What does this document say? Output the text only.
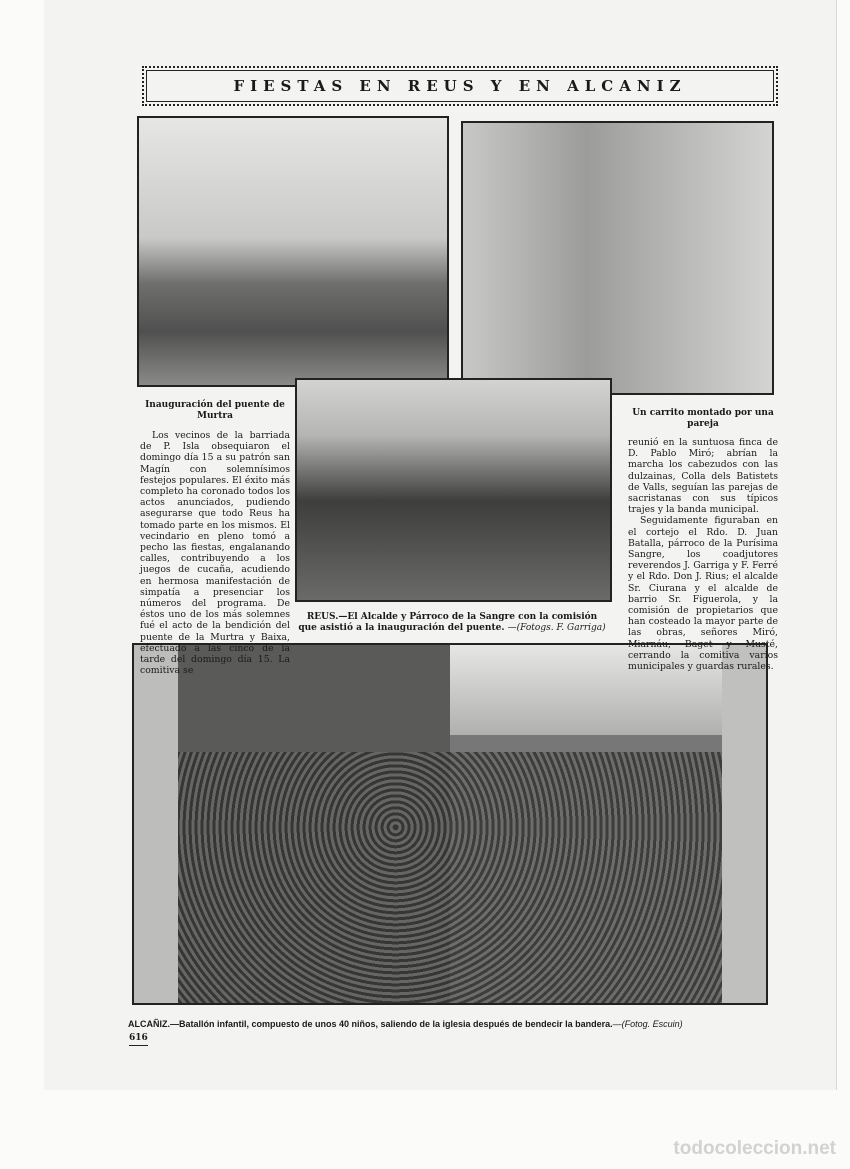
FIESTAS EN REUS Y EN ALCANIZ
Inauguración del puente de Murtra

Los vecinos de la barriada de P. Isla obsequiaron el domingo día 15 a su patrón san Magín con solemnísimos festejos populares. El éxito más completo ha coronado todos los actos anunciados, pudiendo asegurarse que todo Reus ha tomado parte en los mismos. El vecindario en pleno tomó a pecho las fiestas, engalanando calles, contribuyendo a los juegos de cucaña, acudiendo en hermosa manifestación de simpatía a presenciar los números del programa. De éstos uno de los más solemnes fué el acto de la bendición del puente de la Murtra y Baixa, efectuado a las cinco de la tarde del domingo día 15. La comitiva se

Un carrito montado por una pareja

reunió en la suntuosa finca de D. Pablo Miró; abrían la marcha los cabezudos con las dulzainas, Colla dels Batistets de Valls, seguían las parejas de sacristanas con sus típicos trajes y la banda municipal.

Seguidamente figuraban en el cortejo el Rdo. D. Juan Batalla, párroco de la Purísima Sangre, los coadjutores reverendos J. Garriga y F. Ferré y el Rdo. Don J. Rius; el alcalde Sr. Ciurana y el alcalde de barrio Sr. Figuerola, y la comisión de propietarios que han costeado la mayor parte de las obras, señores Miró, Miarnáu, Baget y Musté, cerrando la comitiva varios municipales y guardas rurales.

REUS.—El Alcalde y Párroco de la Sangre con la comisión que asistió a la inauguración del puente. —(Fotogs. F. Garriga)
ALCAÑIZ.—Batallón infantil, compuesto de unos 40 niños, saliendo de la iglesia después de bendecir la bandera.—(Fotog. Escuin)
616
todocoleccion.net
